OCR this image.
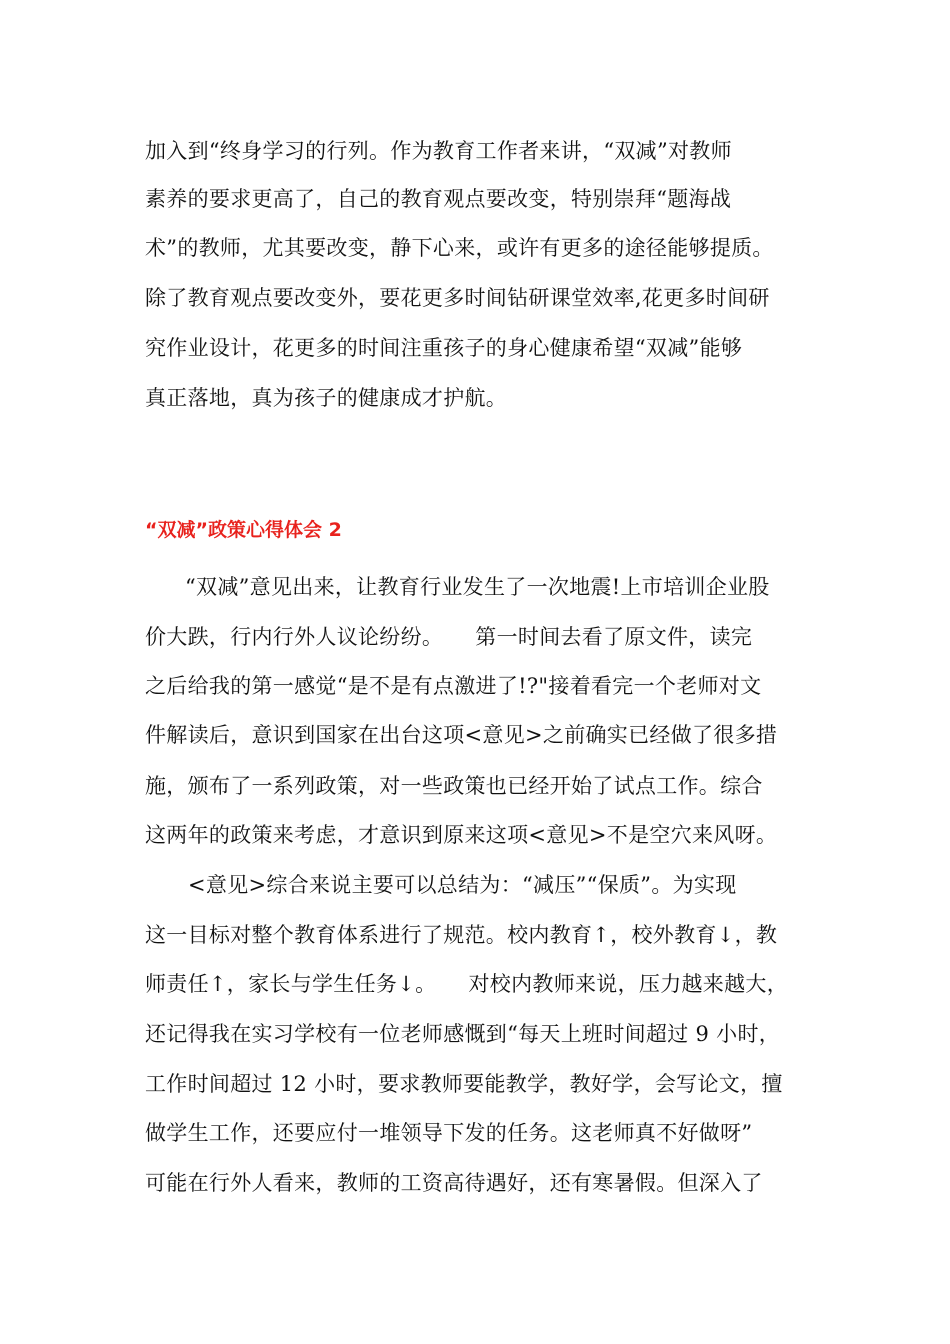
加入到“终身学习的行列。作为教育工作者来讲，“双减”对教师
素养的要求更高了，自己的教育观点要改变，特别崇拜“题海战
术”的教师，尤其要改变，静下心来，或许有更多的途径能够提质。
除了教育观点要改变外，要花更多时间钻研课堂效率,花更多时间研
究作业设计，花更多的时间注重孩子的身心健康希望“双减”能够
真正落地，真为孩子的健康成才护航。
“双减”政策心得体会 2
“双减”意见出来，让教育行业发生了一次地震!上市培训企业股
价大跌，行内行外人议论纷纷。　　第一时间去看了原文件，读完
之后给我的第一感觉“是不是有点激进了!?"接着看完一个老师对文
件解读后，意识到国家在出台这项<意见>之前确实已经做了很多措
施，颁布了一系列政策，对一些政策也已经开始了试点工作。综合
这两年的政策来考虑，才意识到原来这项<意见>不是空穴来风呀。
<意见>综合来说主要可以总结为：“减压”“保质”。为实现
这一目标对整个教育体系进行了规范。校内教育↑，校外教育↓，教
师责任↑，家长与学生任务↓。　　对校内教师来说，压力越来越大，
还记得我在实习学校有一位老师感慨到“每天上班时间超过 9 小时，
工作时间超过 12 小时，要求教师要能教学，教好学，会写论文，擅
做学生工作，还要应付一堆领导下发的任务。这老师真不好做呀”
可能在行外人看来，教师的工资高待遇好，还有寒暑假。但深入了
